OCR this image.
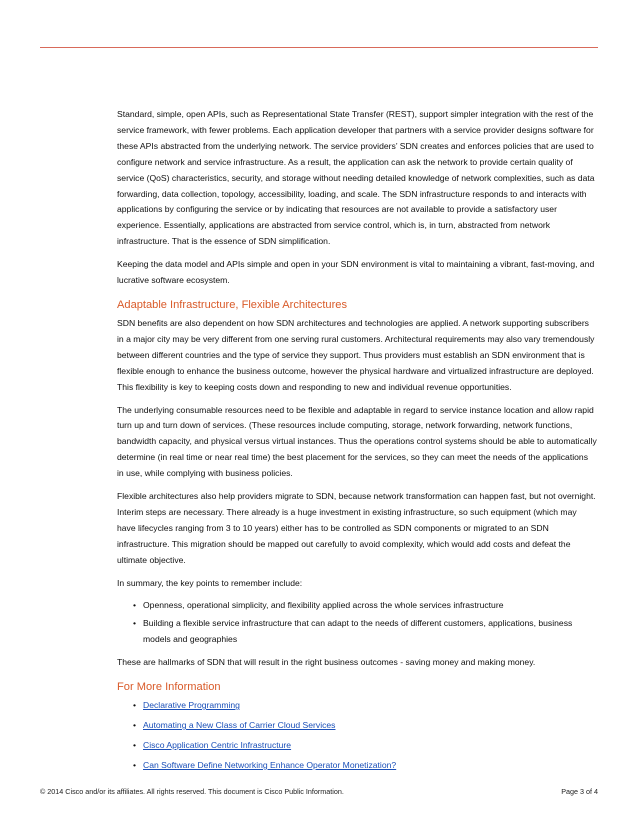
Standard, simple, open APIs, such as Representational State Transfer (REST), support simpler integration with the rest of the service framework, with fewer problems. Each application developer that partners with a service provider designs software for these APIs abstracted from the underlying network. The service providers’ SDN creates and enforces policies that are used to configure network and service infrastructure. As a result, the application can ask the network to provide certain quality of service (QoS) characteristics, security, and storage without needing detailed knowledge of network complexities, such as data forwarding, data collection, topology, accessibility, loading, and scale. The SDN infrastructure responds to and interacts with applications by configuring the service or by indicating that resources are not available to provide a satisfactory user experience. Essentially, applications are abstracted from service control, which is, in turn, abstracted from network infrastructure. That is the essence of SDN simplification.

Keeping the data model and APIs simple and open in your SDN environment is vital to maintaining a vibrant, fast-moving, and lucrative software ecosystem.

Adaptable Infrastructure, Flexible Architectures

SDN benefits are also dependent on how SDN architectures and technologies are applied. A network supporting subscribers in a major city may be very different from one serving rural customers. Architectural requirements may also vary tremendously between different countries and the type of service they support. Thus providers must establish an SDN environment that is flexible enough to enhance the business outcome, however the physical hardware and virtualized infrastructure are deployed. This flexibility is key to keeping costs down and responding to new and individual revenue opportunities.

The underlying consumable resources need to be flexible and adaptable in regard to service instance location and allow rapid turn up and turn down of services. (These resources include computing, storage, network forwarding, network functions, bandwidth capacity, and physical versus virtual instances. Thus the operations control systems should be able to automatically determine (in real time or near real time) the best placement for the services, so they can meet the needs of the applications in use, while complying with business policies.

Flexible architectures also help providers migrate to SDN, because network transformation can happen fast, but not overnight. Interim steps are necessary. There already is a huge investment in existing infrastructure, so such equipment (which may have lifecycles ranging from 3 to 10 years) either has to be controlled as SDN components or migrated to an SDN infrastructure. This migration should be mapped out carefully to avoid complexity, which would add costs and defeat the ultimate objective.

In summary, the key points to remember include:

• Openness, operational simplicity, and flexibility applied across the whole services infrastructure
• Building a flexible service infrastructure that can adapt to the needs of different customers, applications, business models and geographies

These are hallmarks of SDN that will result in the right business outcomes - saving money and making money.

For More Information
• Declarative Programming
• Automating a New Class of Carrier Cloud Services
• Cisco Application Centric Infrastructure
• Can Software Define Networking Enhance Operator Monetization?
© 2014 Cisco and/or its affiliates. All rights reserved. This document is Cisco Public Information.	Page 3 of 4
